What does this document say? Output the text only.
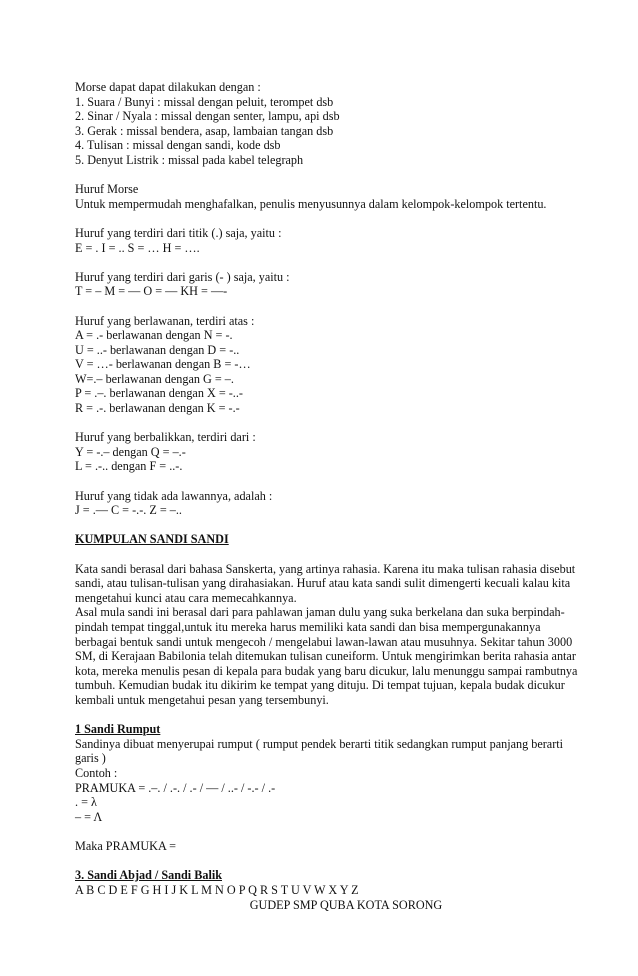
Morse dapat dapat dilakukan dengan :
1. Suara / Bunyi : missal dengan peluit, terompet dsb
2. Sinar / Nyala : missal dengan senter, lampu, api dsb
3. Gerak : missal bendera, asap, lambaian tangan dsb
4. Tulisan : missal dengan sandi, kode dsb
5. Denyut Listrik : missal pada kabel telegraph
Huruf Morse
Untuk mempermudah menghafalkan, penulis menyusunnya dalam kelompok-kelompok tertentu.
Huruf yang terdiri dari titik (.) saja, yaitu :
E = . I = .. S = … H = ….
Huruf yang terdiri dari garis (- ) saja, yaitu :
T = – M = — O = — KH = —-
Huruf yang berlawanan, terdiri atas :
A = .- berlawanan dengan N = -.
U = ..- berlawanan dengan D = -..
V = …- berlawanan dengan B = -…
W=.– berlawanan dengan G = –.
P = .–. berlawanan dengan X = -..-
R = .-. berlawanan dengan K = -.-
Huruf yang berbalikkan, terdiri dari :
Y = -.– dengan Q = –.-
L = .-.. dengan F = ..-.
Huruf yang tidak ada lawannya, adalah :
J = .— C = -.-. Z = –..
KUMPULAN SANDI SANDI
Kata sandi berasal dari bahasa Sanskerta, yang artinya rahasia. Karena itu maka tulisan rahasia disebut sandi, atau tulisan-tulisan yang dirahasiakan. Huruf atau kata sandi sulit dimengerti kecuali kalau kita mengetahui kunci atau cara memecahkannya.
Asal mula sandi ini berasal dari para pahlawan jaman dulu yang suka berkelana dan suka berpindah-pindah tempat tinggal,untuk itu mereka harus memiliki kata sandi dan bisa mempergunakannya berbagai bentuk sandi untuk mengecoh / mengelabui lawan-lawan atau musuhnya. Sekitar tahun 3000 SM, di Kerajaan Babilonia telah ditemukan tulisan cuneiform. Untuk mengirimkan berita rahasia antar kota, mereka menulis pesan di kepala para budak yang baru dicukur, lalu menunggu sampai rambutnya tumbuh. Kemudian budak itu dikirim ke tempat yang dituju. Di tempat tujuan, kepala budak dicukur kembali untuk mengetahui pesan yang tersembunyi.
1 Sandi Rumput
Sandinya dibuat menyerupai rumput ( rumput pendek berarti titik sedangkan rumput panjang berarti garis )
Contoh :
PRAMUKA = .–. / .-. / .- / — / ..- / -.- / .-
. = λ
– = Λ
Maka PRAMUKA =
3. Sandi Abjad / Sandi Balik
A B C D E F G H I J K L M N O P Q R S T U V W X Y Z
GUDEP SMP QUBA KOTA SORONG
